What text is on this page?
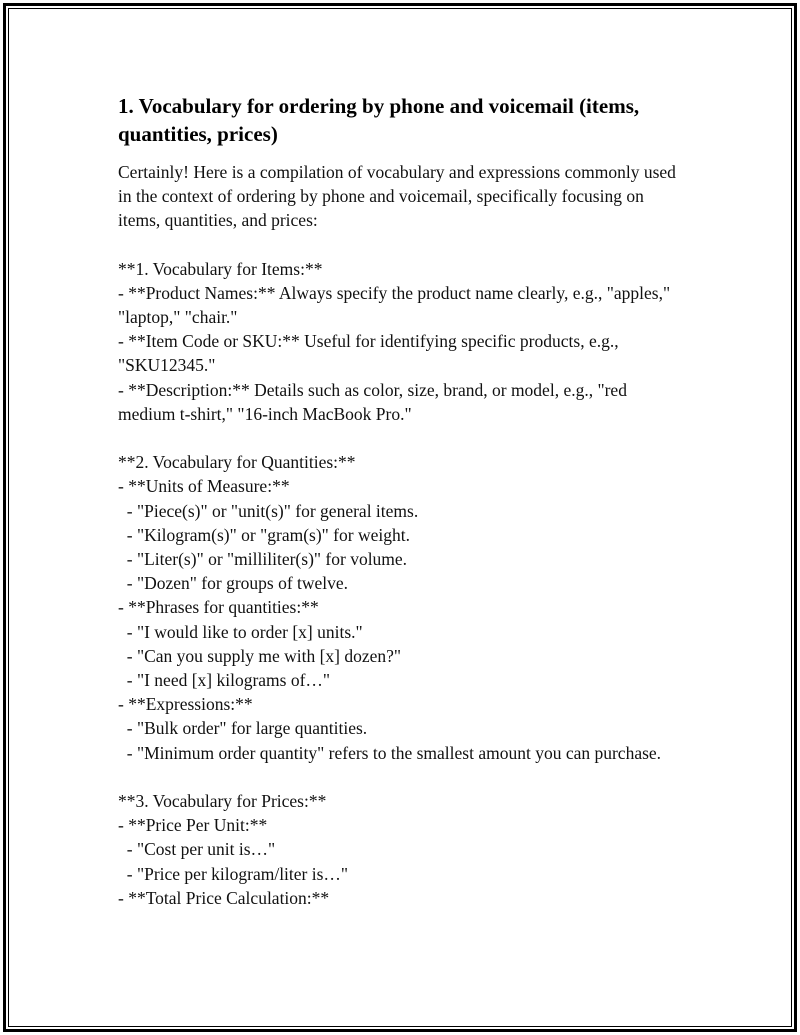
1. Vocabulary for ordering by phone and voicemail (items, quantities, prices)

Certainly! Here is a compilation of vocabulary and expressions commonly used in the context of ordering by phone and voicemail, specifically focusing on items, quantities, and prices:

**1. Vocabulary for Items:**
- **Product Names:** Always specify the product name clearly, e.g., "apples," "laptop," "chair."
- **Item Code or SKU:** Useful for identifying specific products, e.g., "SKU12345."
- **Description:** Details such as color, size, brand, or model, e.g., "red medium t-shirt," "16-inch MacBook Pro."
**2. Vocabulary for Quantities:**
- **Units of Measure:**
- "Piece(s)" or "unit(s)" for general items.
- "Kilogram(s)" or "gram(s)" for weight.
- "Liter(s)" or "milliliter(s)" for volume.
- "Dozen" for groups of twelve.
- **Phrases for quantities:**
- "I would like to order [x] units."
- "Can you supply me with [x] dozen?"
- "I need [x] kilograms of…"
- **Expressions:**
- "Bulk order" for large quantities.
- "Minimum order quantity" refers to the smallest amount you can purchase.
**3. Vocabulary for Prices:**
- **Price Per Unit:**
- "Cost per unit is…"
- "Price per kilogram/liter is…"
- **Total Price Calculation:**
